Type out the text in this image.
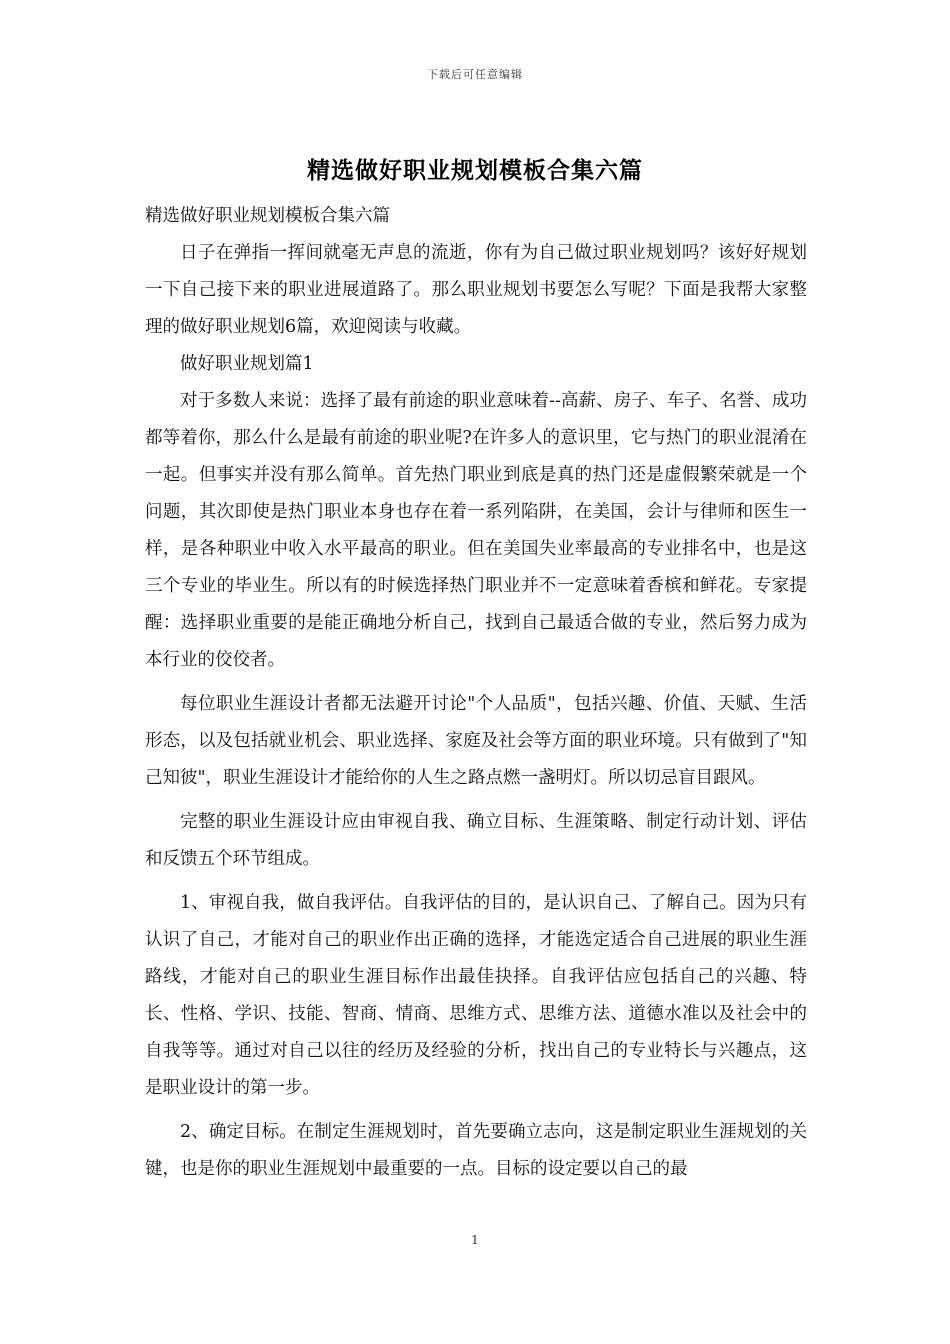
下载后可任意编辑
精选做好职业规划模板合集六篇

精选做好职业规划模板合集六篇

日子在弹指一挥间就毫无声息的流逝，你有为自己做过职业规划吗？该好好规划一下自己接下来的职业进展道路了。那么职业规划书要怎么写呢？下面是我帮大家整理的做好职业规划6篇，欢迎阅读与收藏。

做好职业规划篇1

对于多数人来说：选择了最有前途的职业意味着--高薪、房子、车子、名誉、成功都等着你，那么什么是最有前途的职业呢?在许多人的意识里，它与热门的职业混淆在一起。但事实并没有那么简单。首先热门职业到底是真的热门还是虚假繁荣就是一个问题，其次即使是热门职业本身也存在着一系列陷阱，在美国，会计与律师和医生一样，是各种职业中收入水平最高的职业。但在美国失业率最高的专业排名中，也是这三个专业的毕业生。所以有的时候选择热门职业并不一定意味着香槟和鲜花。专家提醒：选择职业重要的是能正确地分析自己，找到自己最适合做的专业，然后努力成为本行业的佼佼者。

每位职业生涯设计者都无法避开讨论"个人品质"，包括兴趣、价值、天赋、生活形态，以及包括就业机会、职业选择、家庭及社会等方面的职业环境。只有做到了"知己知彼"，职业生涯设计才能给你的人生之路点燃一盏明灯。所以切忌盲目跟风。

完整的职业生涯设计应由审视自我、确立目标、生涯策略、制定行动计划、评估和反馈五个环节组成。

1、审视自我，做自我评估。自我评估的目的，是认识自己、了解自己。因为只有认识了自己，才能对自己的职业作出正确的选择，才能选定适合自己进展的职业生涯路线，才能对自己的职业生涯目标作出最佳抉择。自我评估应包括自己的兴趣、特长、性格、学识、技能、智商、情商、思维方式、思维方法、道德水准以及社会中的自我等等。通过对自己以往的经历及经验的分析，找出自己的专业特长与兴趣点，这是职业设计的第一步。

2、确定目标。在制定生涯规划时，首先要确立志向，这是制定职业生涯规划的关键，也是你的职业生涯规划中最重要的一点。目标的设定要以自己的最

1
